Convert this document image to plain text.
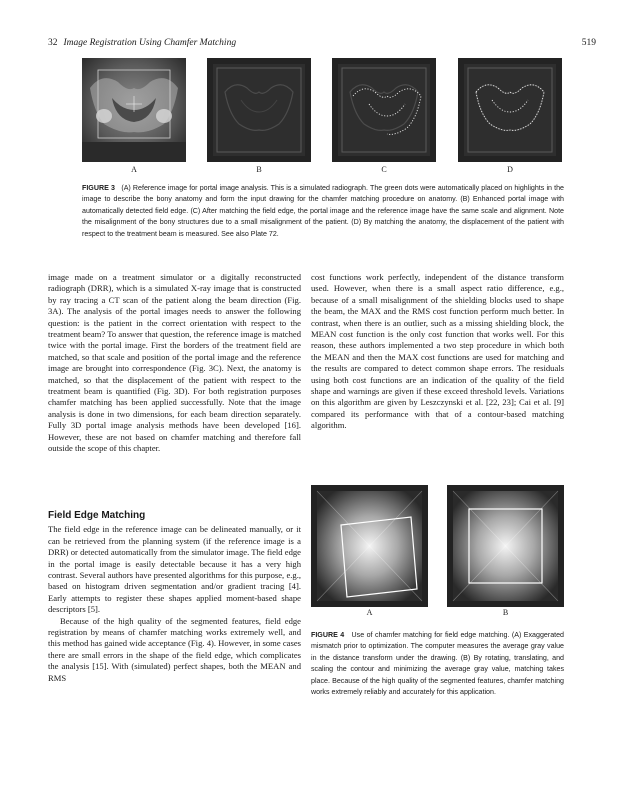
32 Image Registration Using Chamfer Matching	519
A	B	C	D
FIGURE 3 (A) Reference image for portal image analysis. This is a simulated radiograph. The green dots were automatically placed on highlights in the image to describe the bony anatomy and form the input drawing for the chamfer matching procedure on anatomy. (B) Enhanced portal image with automatically detected field edge. (C) After matching the field edge, the portal image and the reference image have the same scale and alignment. Note the misalignment of the bony structures due to a small misalignment of the patient. (D) By matching the anatomy, the displacement of the patient with respect to the treatment beam is measured. See also Plate 72.

image made on a treatment simulator or a digitally reconstructed radiograph (DRR), which is a simulated X-ray image that is constructed by ray tracing a CT scan of the patient along the beam direction (Fig. 3A). The analysis of the portal images needs to answer the following question: is the patient in the correct orientation with respect to the treatment beam? To answer that question, the reference image is matched twice with the portal image. First the borders of the treatment field are matched, so that scale and position of the portal image and the reference image are brought into correspondence (Fig. 3C). Next, the anatomy is matched, so that the displacement of the patient with respect to the treatment beam is quantified (Fig. 3D). For both registration purposes chamfer matching has been applied successfully. Note that the image analysis is done in two dimensions, for each beam direction separately. Fully 3D portal image analysis methods have been developed [16]. However, these are not based on chamfer matching and therefore fall outside the scope of this chapter.

Field Edge Matching

The field edge in the reference image can be delineated manually, or it can be retrieved from the planning system (if the reference image is a DRR) or detected automatically from the simulator image. The field edge in the portal image is easily detectable because it has a very high contrast. Several authors have presented algorithms for this purpose, e.g., based on histogram driven segmentation and/or gradient tracing [4]. Early attempts to register these shapes applied moment-based shape descriptors [5].

Because of the high quality of the segmented features, field edge registration by means of chamfer matching works extremely well, and this method has gained wide acceptance (Fig. 4). However, in some cases there are small errors in the shape of the field edge, which complicates the analysis [15]. With (simulated) perfect shapes, both the MEAN and RMS

cost functions work perfectly, independent of the distance transform used. However, when there is a small aspect ratio difference, e.g., because of a small misalignment of the shielding blocks used to shape the beam, the MAX and the RMS cost function perform much better. In contrast, when there is an outlier, such as a missing shielding block, the MEAN cost function is the only cost function that works well. For this reason, these authors implemented a two step procedure in which both the MEAN and then the MAX cost functions are used for matching and the results are compared to detect common shape errors. The residuals using both cost functions are an indication of the quality of the field shape and warnings are given if these exceed threshold levels. Variations on this algorithm are given by Leszczynski et al. [22, 23]; Cai et al. [9] compared its performance with that of a contour-based matching algorithm.

A	B
FIGURE 4 Use of chamfer matching for field edge matching. (A) Exaggerated mismatch prior to optimization. The computer measures the average gray value in the distance transform under the drawing. (B) By rotating, translating, and scaling the contour and minimizing the average gray value, matching takes place. Because of the high quality of the segmented features, chamfer matching works extremely reliably and accurately for this application.
